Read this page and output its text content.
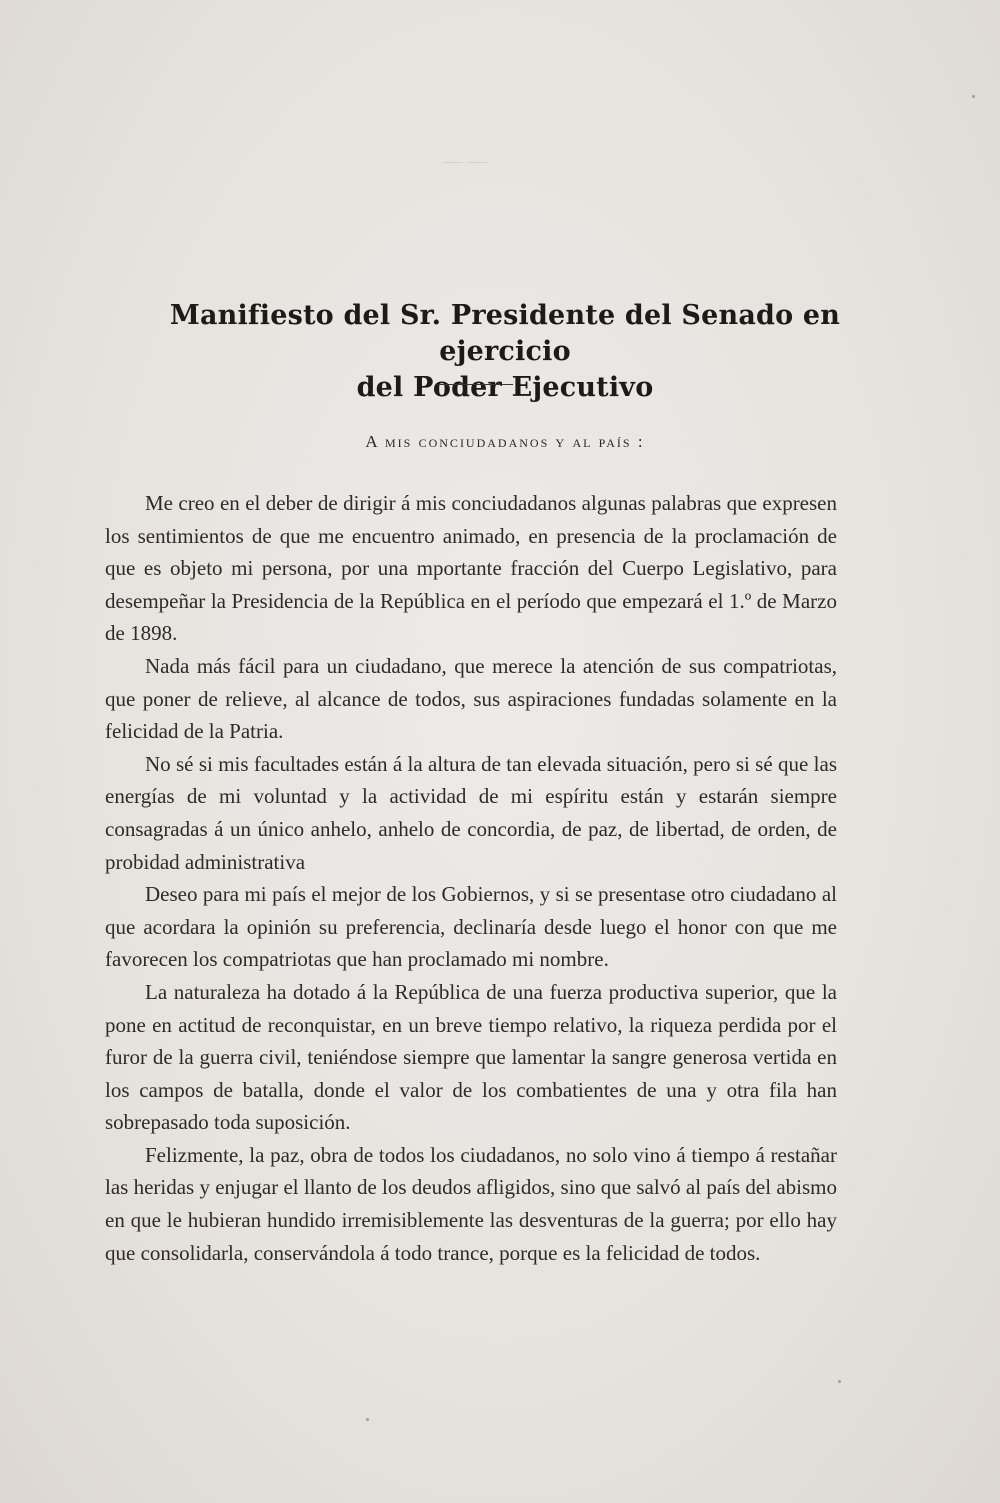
— —
Manifiesto del Sr. Presidente del Senado en ejercicio
del Poder Ejecutivo
A mis conciudadanos y al país :

Me creo en el deber de dirigir á mis conciudadanos algunas palabras que expresen los sentimientos de que me encuentro animado, en presencia de la proclamación de que es objeto mi persona, por una mportante fracción del Cuerpo Legislativo, para desempeñar la Presidencia de la República en el período que empezará el 1.º de Marzo de 1898.

Nada más fácil para un ciudadano, que merece la atención de sus compatriotas, que poner de relieve, al alcance de todos, sus aspiraciones fundadas solamente en la felicidad de la Patria.

No sé si mis facultades están á la altura de tan elevada situación, pero si sé que las energías de mi voluntad y la actividad de mi espíritu están y estarán siempre consagradas á un único anhelo, anhelo de concordia, de paz, de libertad, de orden, de probidad administrativa

Deseo para mi país el mejor de los Gobiernos, y si se presentase otro ciudadano al que acordara la opinión su preferencia, declinaría desde luego el honor con que me favorecen los compatriotas que han proclamado mi nombre.

La naturaleza ha dotado á la República de una fuerza productiva superior, que la pone en actitud de reconquistar, en un breve tiempo relativo, la riqueza perdida por el furor de la guerra civil, teniéndose siempre que lamentar la sangre generosa vertida en los campos de batalla, donde el valor de los combatientes de una y otra fila han sobrepasado toda suposición.

Felizmente, la paz, obra de todos los ciudadanos, no solo vino á tiempo á restañar las heridas y enjugar el llanto de los deudos afligidos, sino que salvó al país del abismo en que le hubieran hundido irremisiblemente las desventuras de la guerra; por ello hay que consolidarla, conservándola á todo trance, porque es la felicidad de todos.
